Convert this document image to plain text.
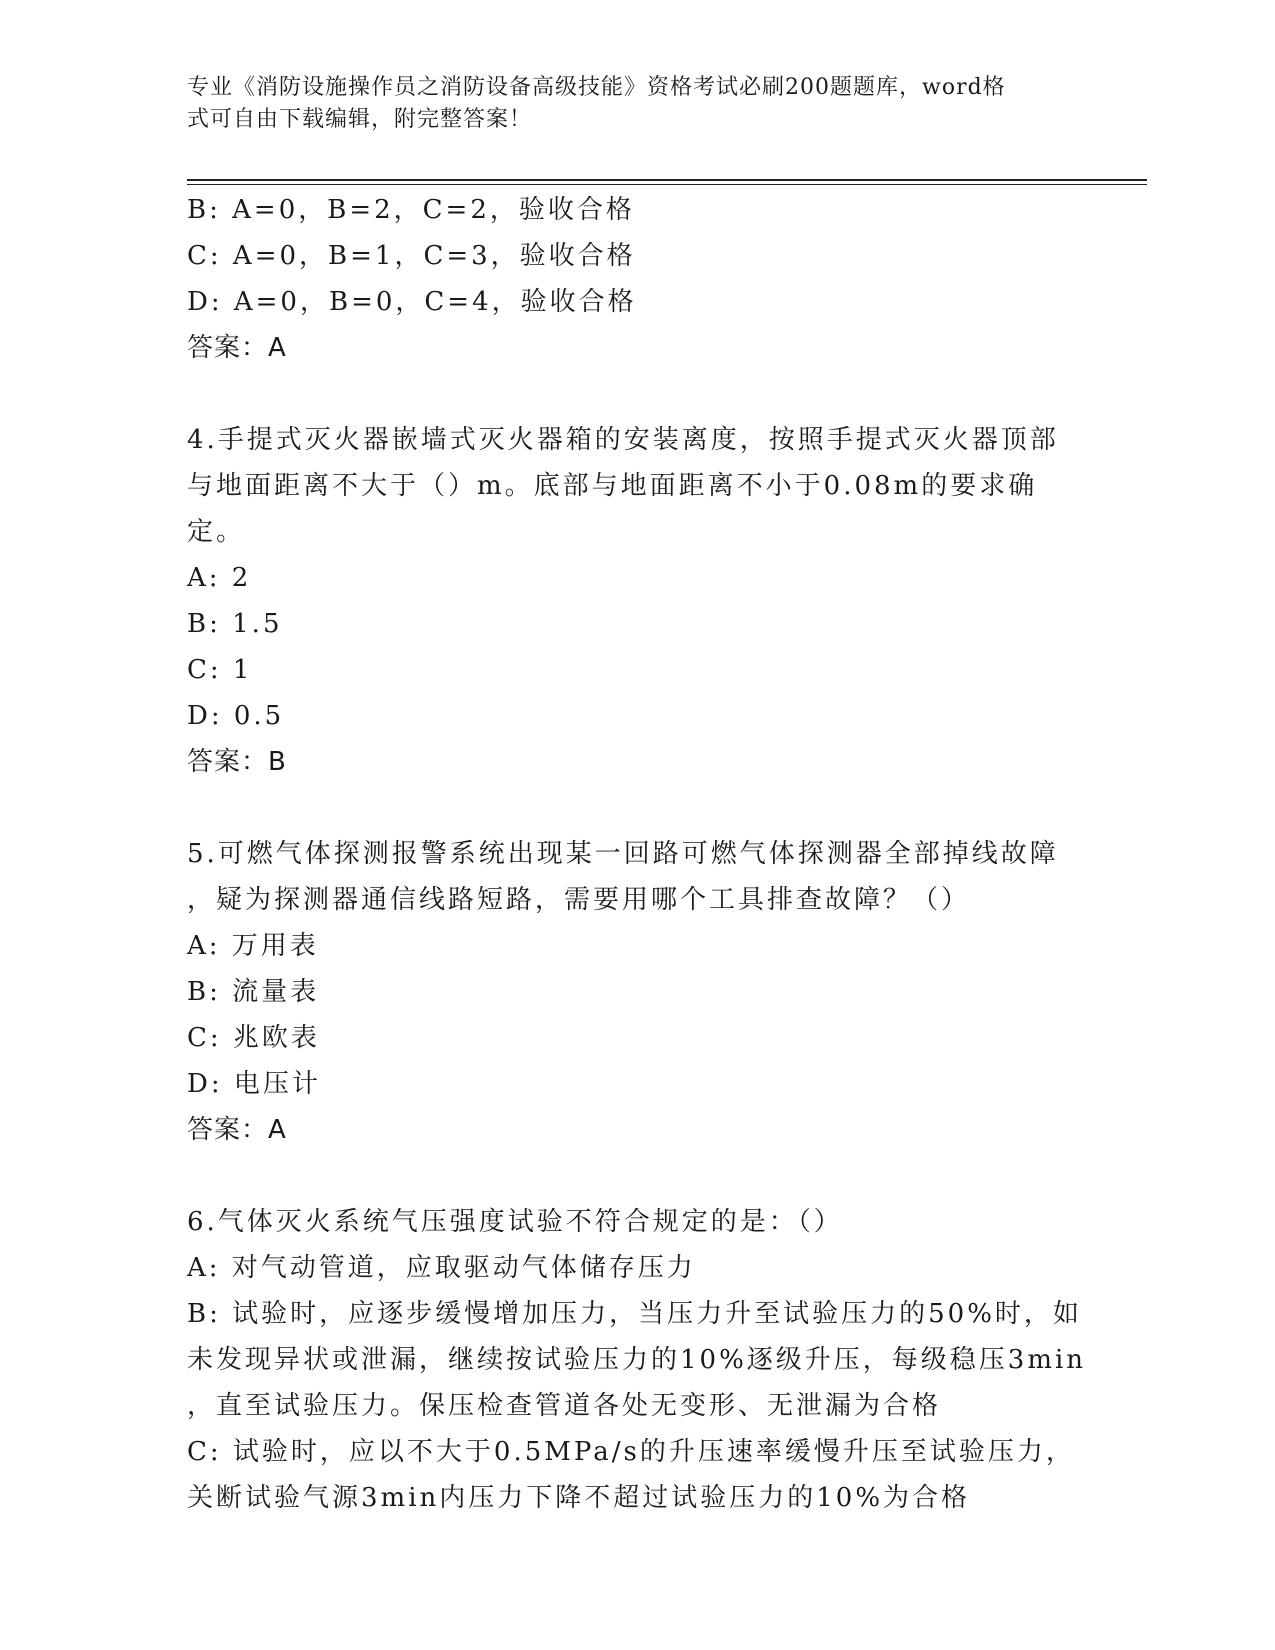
专业《消防设施操作员之消防设备高级技能》资格考试必刷200题题库，word格
式可自由下载编辑，附完整答案！

B: A=0，B=2，C=2，验收合格

C: A=0，B=1，C=3，验收合格

D: A=0，B=0，C=4，验收合格

答案：A

4.手提式灭火器嵌墙式灭火器箱的安装离度，按照手提式灭火器顶部

与地面距离不大于（）m。底部与地面距离不小于0.08m的要求确定。

A: 2

B: 1.5

C: 1

D: 0.5

答案：B

5.可燃气体探测报警系统出现某一回路可燃气体探测器全部掉线故障

，疑为探测器通信线路短路，需要用哪个工具排查故障？（）

A: 万用表

B: 流量表

C: 兆欧表

D: 电压计

答案：A

6.气体灭火系统气压强度试验不符合规定的是：（）

A: 对气动管道，应取驱动气体储存压力

B: 试验时，应逐步缓慢增加压力，当压力升至试验压力的50%时，如

未发现异状或泄漏，继续按试验压力的10%逐级升压，每级稳压3min

，直至试验压力。保压检查管道各处无变形、无泄漏为合格

C: 试验时，应以不大于0.5MPa/s的升压速率缓慢升压至试验压力，

关断试验气源3min内压力下降不超过试验压力的10%为合格
